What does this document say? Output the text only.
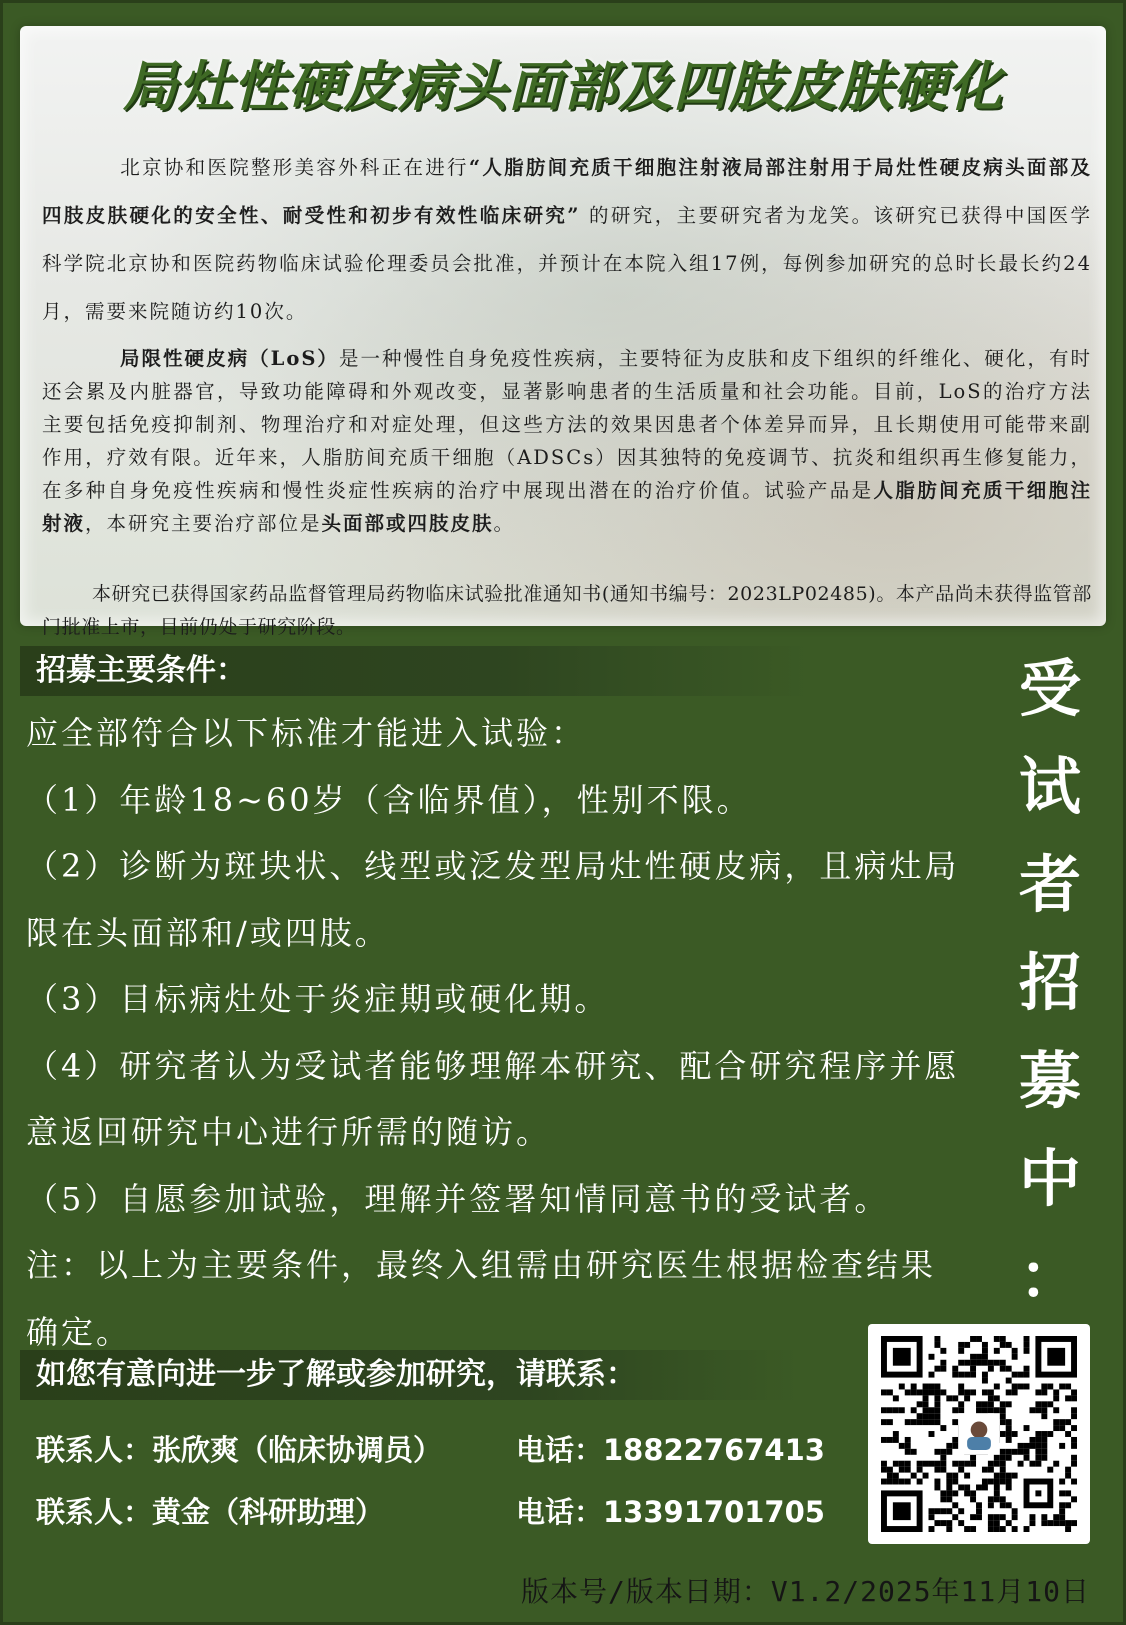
局灶性硬皮病头面部及四肢皮肤硬化
北京协和医院整形美容外科正在进行“人脂肪间充质干细胞注射液局部注射用于局灶性硬皮病头面部及四肢皮肤硬化的安全性、耐受性和初步有效性临床研究” 的研究，主要研究者为龙笑。该研究已获得中国医学科学院北京协和医院药物临床试验伦理委员会批准，并预计在本院入组17例，每例参加研究的总时长最长约24月，需要来院随访约10次。
局限性硬皮病（LoS）是一种慢性自身免疫性疾病，主要特征为皮肤和皮下组织的纤维化、硬化，有时还会累及内脏器官，导致功能障碍和外观改变，显著影响患者的生活质量和社会功能。目前，LoS的治疗方法主要包括免疫抑制剂、物理治疗和对症处理，但这些方法的效果因患者个体差异而异，且长期使用可能带来副作用，疗效有限。近年来，人脂肪间充质干细胞（ADSCs）因其独特的免疫调节、抗炎和组织再生修复能力，在多种自身免疫性疾病和慢性炎症性疾病的治疗中展现出潜在的治疗价值。试验产品是人脂肪间充质干细胞注射液，本研究主要治疗部位是头面部或四肢皮肤。
本研究已获得国家药品监督管理局药物临床试验批准通知书(通知书编号：2023LP02485)。本产品尚未获得监管部门批准上市，目前仍处于研究阶段。
招募主要条件：
应全部符合以下标准才能进入试验：
（1）年龄18~60岁（含临界值），性别不限。
（2）诊断为斑块状、线型或泛发型局灶性硬皮病，且病灶局限在头面部和/或四肢。
（3）目标病灶处于炎症期或硬化期。
（4）研究者认为受试者能够理解本研究、配合研究程序并愿意返回研究中心进行所需的随访。
（5）自愿参加试验，理解并签署知情同意书的受试者。
注：以上为主要条件，最终入组需由研究医生根据检查结果确定。
受
试
者
招
募
中
：
如您有意向进一步了解或参加研究，请联系：
联系人：张欣爽（临床协调员）	电话：18822767413
联系人：黄金（科研助理）	电话：13391701705
版本号/版本日期：V1.2/2025年11月10日
